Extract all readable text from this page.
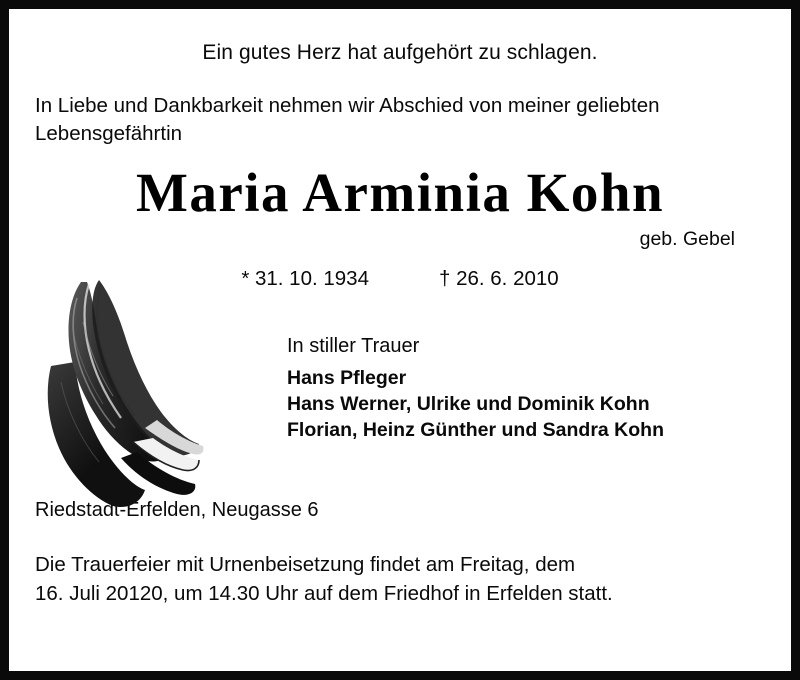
Ein gutes Herz hat aufgehört zu schlagen.
In Liebe und Dankbarkeit nehmen wir Abschied von meiner geliebten Lebensgefährtin
Maria Arminia Kohn
geb. Gebel
* 31. 10. 1934	† 26. 6. 2010
In stiller Trauer
Hans Pfleger
Hans Werner, Ulrike und Dominik Kohn
Florian, Heinz Günther und Sandra Kohn
Riedstadt-Erfelden, Neugasse 6
Die Trauerfeier mit Urnenbeisetzung findet am Freitag, dem
16. Juli 20120, um 14.30 Uhr auf dem Friedhof in Erfelden statt.
